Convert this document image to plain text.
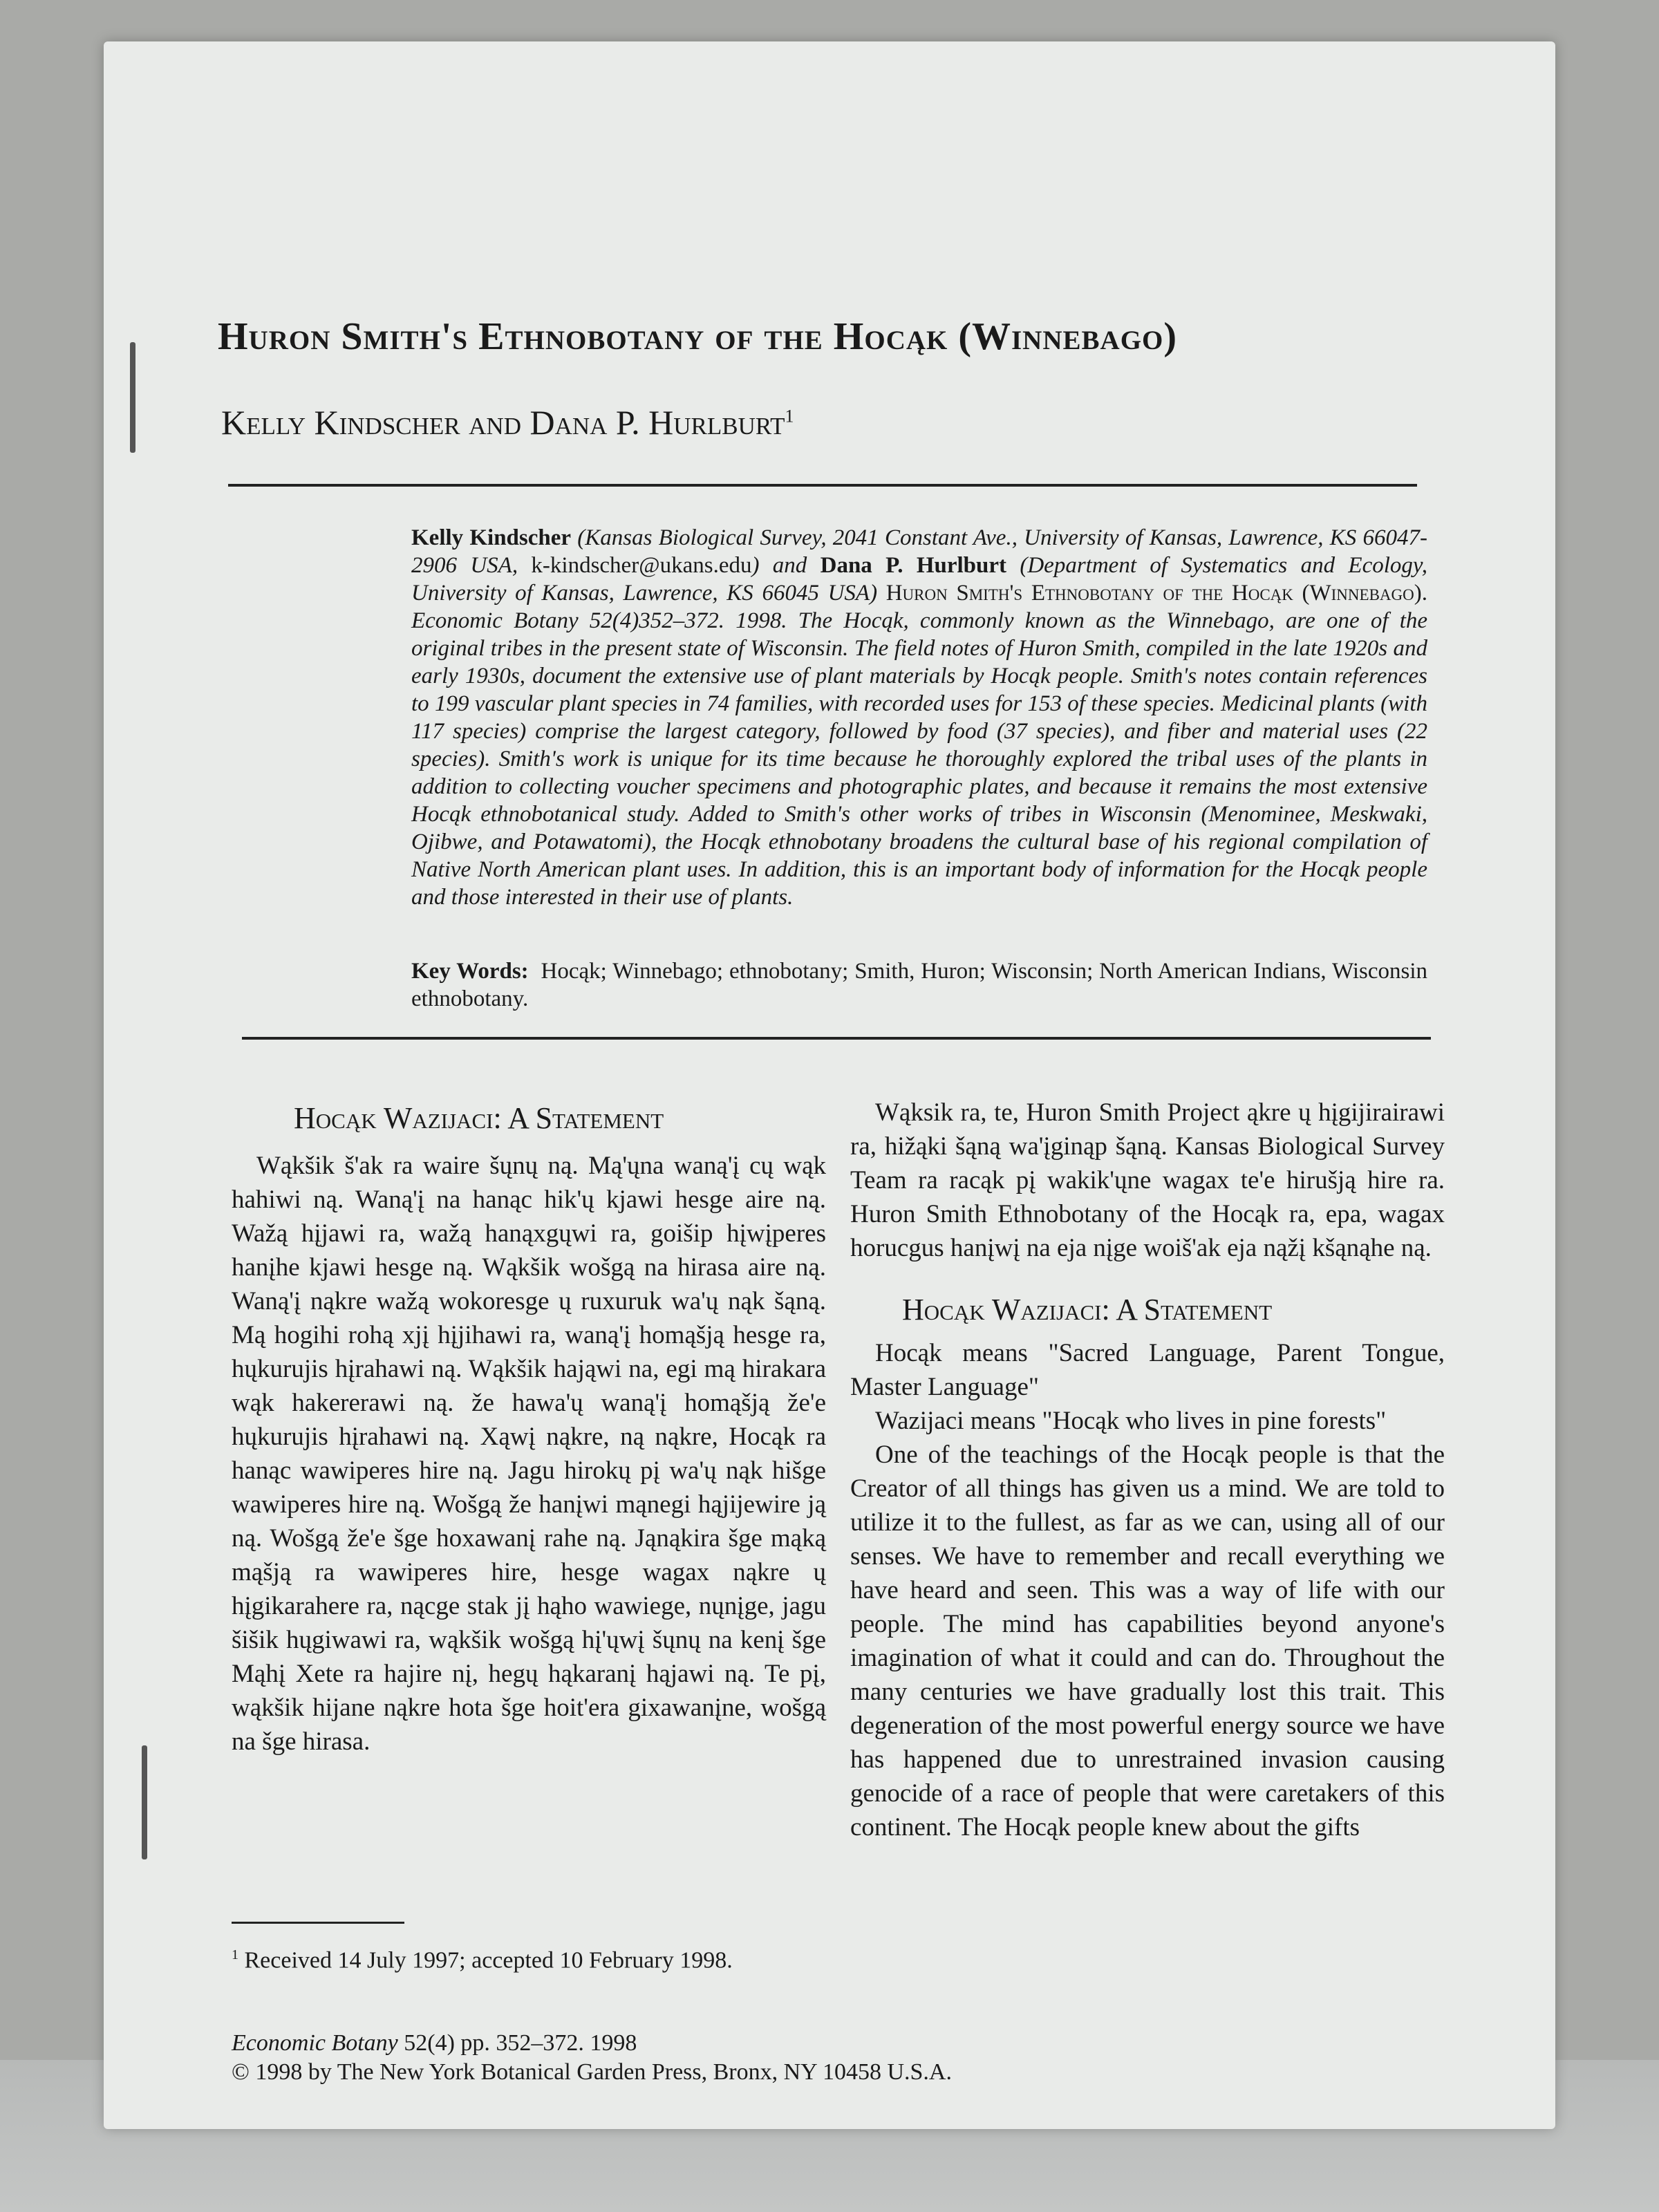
Huron Smith's Ethnobotany of the Hocąk (Winnebago)
Kelly Kindscher and Dana P. Hurlburt$^1$
Kelly Kindscher (Kansas Biological Survey, 2041 Constant Ave., University of Kansas, Lawrence, KS 66047-2906 USA, k-kindscher@ukans.edu) and Dana P. Hurlburt (Department of Systematics and Ecology, University of Kansas, Lawrence, KS 66045 USA) Huron Smith's Ethnobotany of the Hocąk (Winnebago). Economic Botany 52(4)352–372. 1998. The Hocąk, commonly known as the Winnebago, are one of the original tribes in the present state of Wisconsin. The field notes of Huron Smith, compiled in the late 1920s and early 1930s, document the extensive use of plant materials by Hocąk people. Smith's notes contain references to 199 vascular plant species in 74 families, with recorded uses for 153 of these species. Medicinal plants (with 117 species) comprise the largest category, followed by food (37 species), and fiber and material uses (22 species). Smith's work is unique for its time because he thoroughly explored the tribal uses of the plants in addition to collecting voucher specimens and photographic plates, and because it remains the most extensive Hocąk ethnobotanical study. Added to Smith's other works of tribes in Wisconsin (Menominee, Meskwaki, Ojibwe, and Potawatomi), the Hocąk ethnobotany broadens the cultural base of his regional compilation of Native North American plant uses. In addition, this is an important body of information for the Hocąk people and those interested in their use of plants.
Key Words: Hocąk; Winnebago; ethnobotany; Smith, Huron; Wisconsin; North American Indians, Wisconsin ethnobotany.
Hocąk Wazijaci: A Statement

Wąkšik š'ak ra waire šųnų ną. Mą'ųna waną'į cų wąk hahiwi ną. Waną'į na hanąc hik'ų kjawi hesge aire ną. Wažą hįjawi ra, wažą hanąxgųwi ra, goišip hįwįperes hanįhe kjawi hesge ną. Wąkšik wošgą na hirasa aire ną. Waną'į nąkre wažą wokoresge ų ruxuruk wa'ų nąk šąną. Mą hogihi rohą xjį hįjihawi ra, waną'į homąšją hesge ra, hųkurujis hįrahawi ną. Wąkšik hająwi na, egi mą hirakara wąk hakererawi ną. že hawa'ų waną'į homąšją že'e hųkurujis hįrahawi ną. Xąwį nąkre, ną nąkre, Hocąk ra hanąc wawiperes hire ną. Jagu hirokų pį wa'ų nąk hišge wawiperes hire ną. Wošgą že hanįwi mąnegi hąjijewire ją ną. Wošgą že'e šge hoxawanį rahe ną. Jąnąkira šge mąką mąšją ra wawiperes hire, hesge wagax nąkre ų hįgikarahere ra, nącge stak jį hąho wawiege, nųnįge, jagu šišik hųgiwawi ra, wąkšik wošgą hį'ųwį šųnų na kenį šge Mąhį Xete ra hajire nį, hegų hąkaranį hąjawi ną. Te pį, wąkšik hijane nąkre hota šge hoit'era gixawanįne, wošgą na šge hirasa.

Wąksik ra, te, Huron Smith Project ąkre ų hįgijirairawi ra, hižąki šąną wa'įginąp šąną. Kansas Biological Survey Team ra racąk pį wakik'ųne wagax te'e hirušją hire ra. Huron Smith Ethnobotany of the Hocąk ra, epa, wagax horucgus hanįwį na eja nįge woiš'ak eja nąžį kšąnąhe ną.

Hocąk Wazijaci: A Statement

Hocąk means "Sacred Language, Parent Tongue, Master Language"

Wazijaci means "Hocąk who lives in pine forests"

One of the teachings of the Hocąk people is that the Creator of all things has given us a mind. We are told to utilize it to the fullest, as far as we can, using all of our senses. We have to remember and recall everything we have heard and seen. This was a way of life with our people. The mind has capabilities beyond anyone's imagination of what it could and can do. Throughout the many centuries we have gradually lost this trait. This degeneration of the most powerful energy source we have has happened due to unrestrained invasion causing genocide of a race of people that were caretakers of this continent. The Hocąk people knew about the gifts

$^1$ Received 14 July 1997; accepted 10 February 1998.
Economic Botany 52(4) pp. 352–372. 1998
© 1998 by The New York Botanical Garden Press, Bronx, NY 10458 U.S.A.
